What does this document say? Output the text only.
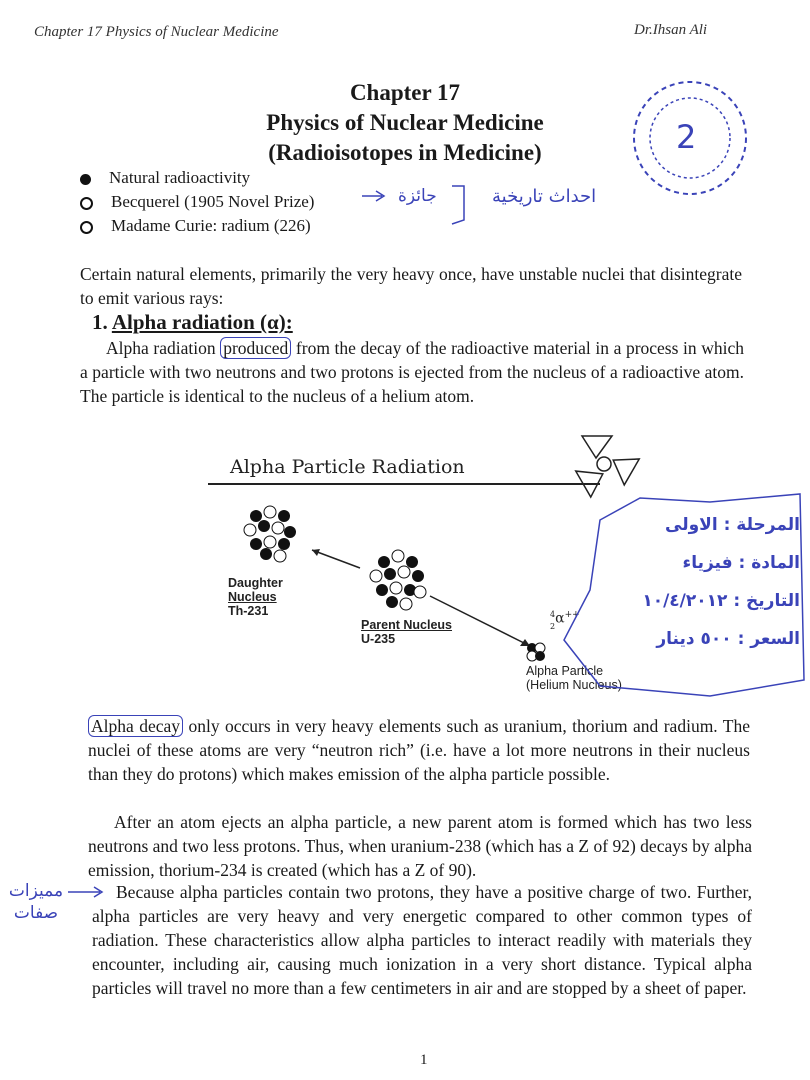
Chapter 17 Physics of Nuclear Medicine	Dr.Ihsan Ali
Chapter 17
Physics of Nuclear Medicine
(Radioisotopes in Medicine)	2
Natural radioactivity
Becquerel (1905 Novel Prize)
Madame Curie: radium (226)
جائزة	احداث تاريخية
Certain natural elements, primarily the very heavy once, have unstable nuclei that disintegrate to emit various rays:
1. Alpha radiation (α):
Alpha radiation produced from the decay of the radioactive material in a process in which a particle with two neutrons and two protons is ejected from the nucleus of a radioactive atom. The particle is identical to the nucleus of a helium atom.
Alpha Particle Radiation
Daughter
Nucleus
Th-231
Parent Nucleus
U-235
$^4$α++
2
Alpha Particle
(Helium Nucleus)
المرحلة : الاولى
المادة : فيزياء
التاريخ : ١٠/٤/٢٠١٢
السعر : ٥٠٠ دينار
Alpha decay only occurs in very heavy elements such as uranium, thorium and radium. The nuclei of these atoms are very “neutron rich” (i.e. have a lot more neutrons in their nucleus than they do protons) which makes emission of the alpha particle possible.
After an atom ejects an alpha particle, a new parent atom is formed which has two less neutrons and two less protons. Thus, when uranium-238 (which has a Z of 92) decays by alpha emission, thorium-234 is created (which has a Z of 90).
مميزات صفات
Because alpha particles contain two protons, they have a positive charge of two. Further, alpha particles are very heavy and very energetic compared to other common types of radiation. These characteristics allow alpha particles to interact readily with materials they encounter, including air, causing much ionization in a very short distance. Typical alpha particles will travel no more than a few centimeters in air and are stopped by a sheet of paper.
1
